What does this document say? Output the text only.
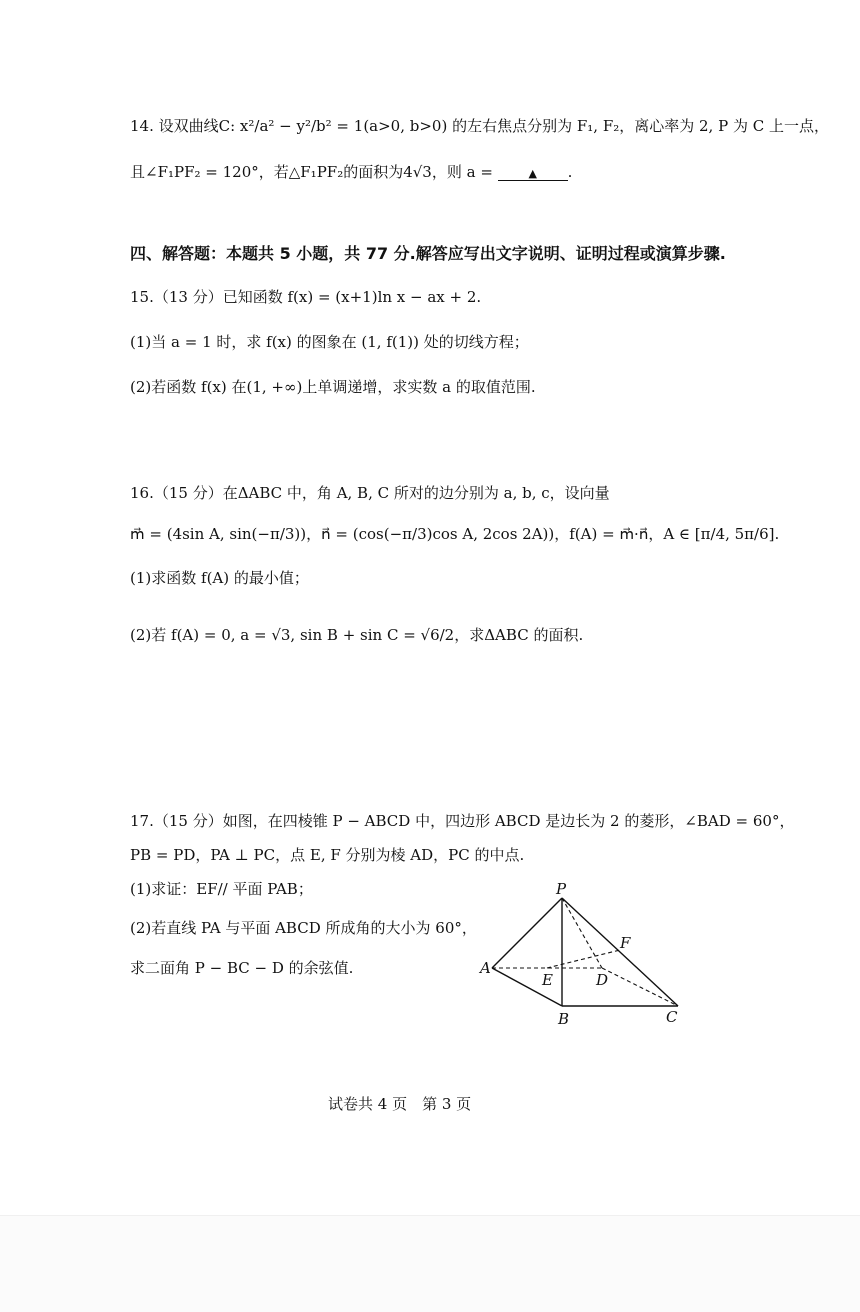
14. 设双曲线C: x²/a² − y²/b² = 1(a>0, b>0) 的左右焦点分别为 F₁, F₂，离心率为 2, P 为 C 上一点，
且∠F₁PF₂ = 120°，若△F₁PF₂的面积为4√3，则 a =	▲ .
四、解答题：本题共 5 小题，共 77 分.解答应写出文字说明、证明过程或演算步骤.
15.（13 分）已知函数 f(x) = (x+1)ln x − ax + 2.
(1)当 a = 1 时，求 f(x) 的图象在 (1, f(1)) 处的切线方程；
(2)若函数 f(x) 在(1, +∞)上单调递增，求实数 a 的取值范围.
16.（15 分）在ΔABC 中，角 A, B, C 所对的边分别为 a, b, c，设向量
m⃗ = (4sin A, sin(−π/3))，n⃗ = (cos(−π/3)cos A, 2cos 2A))，f(A) = m⃗·n⃗，A ∈ [π/4, 5π/6].
(1)求函数 f(A) 的最小值；
(2)若 f(A) = 0, a = √3, sin B + sin C = √6/2，求ΔABC 的面积.
17.（15 分）如图，在四棱锥 P − ABCD 中，四边形 ABCD 是边长为 2 的菱形，∠BAD = 60°，
PB = PD，PA ⊥ PC，点 E, F 分别为棱 AD，PC 的中点.
(1)求证：EF// 平面 PAB；
(2)若直线 PA 与平面 ABCD 所成角的大小为 60°，
求二面角 P − BC − D 的余弦值.
P
A
B	C
D
E
F
试卷共 4 页　第 3 页
